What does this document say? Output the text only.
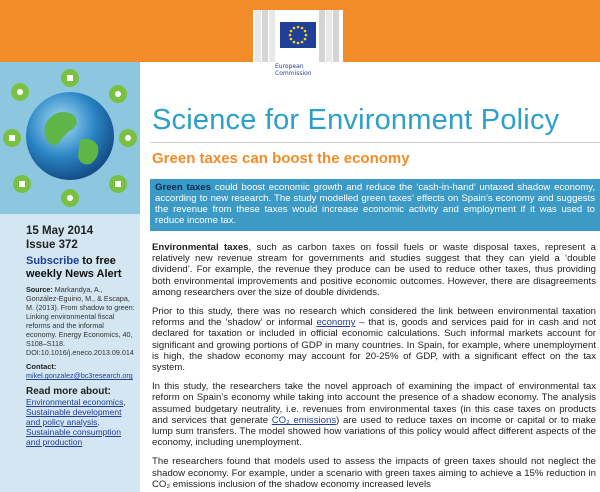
European
Commission
15 May 2014
Issue 372
Subscribe to free weekly News Alert
Source: Markandya, A., González-Eguino, M., & Escapa, M. (2013). From shadow to green: Linking environmental fiscal reforms and the informal economy. Energy Economics, 40, S108–S118. DOI:10.1016/j.eneco.2013.09.014
Contact:
mikel.gonzalez@bc3research.org
Read more about:
Environmental economics, Sustainable development and policy analysis, Sustainable consumption and production
Science for Environment Policy
Green taxes can boost the economy
Green taxes could boost economic growth and reduce the ‘cash-in-hand’ untaxed shadow economy, according to new research. The study modelled green taxes’ effects on Spain’s economy and suggests the revenue from these taxes would increase economic activity and employment if it was used to reduce income tax.

Environmental taxes, such as carbon taxes on fossil fuels or waste disposal taxes, represent a relatively new revenue stream for governments and studies suggest that they can yield a ‘double dividend’. For example, the revenue they produce can be used to reduce other taxes, thus providing both environmental improvements and positive economic outcomes. However, there are disagreements among researchers over the size of double dividends.

Prior to this study, there was no research which considered the link between environmental taxation reforms and the ‘shadow’ or informal economy – that is, goods and services paid for in cash and not declared for taxation or included in official economic calculations. Such informal markets account for significant and growing portions of GDP in many countries. In Spain, for example, where unemployment is high, the shadow economy may account for 20-25% of GDP, with a significant effect on the tax system.

In this study, the researchers take the novel approach of examining the impact of environmental tax reform on Spain’s economy while taking into account the presence of a shadow economy. The analysis assumed budgetary neutrality, i.e. revenues from environmental taxes (in this case taxes on products and services that generate CO₂ emissions) are used to reduce taxes on income or capital or to make lump sum transfers. The model showed how variations of this policy would affect different aspects of the economy, including unemployment.

The researchers found that models used to assess the impacts of green taxes should not neglect the shadow economy. For example, under a scenario with green taxes aiming to achieve a 15% reduction in CO₂ emissions inclusion of the shadow economy increased levels
